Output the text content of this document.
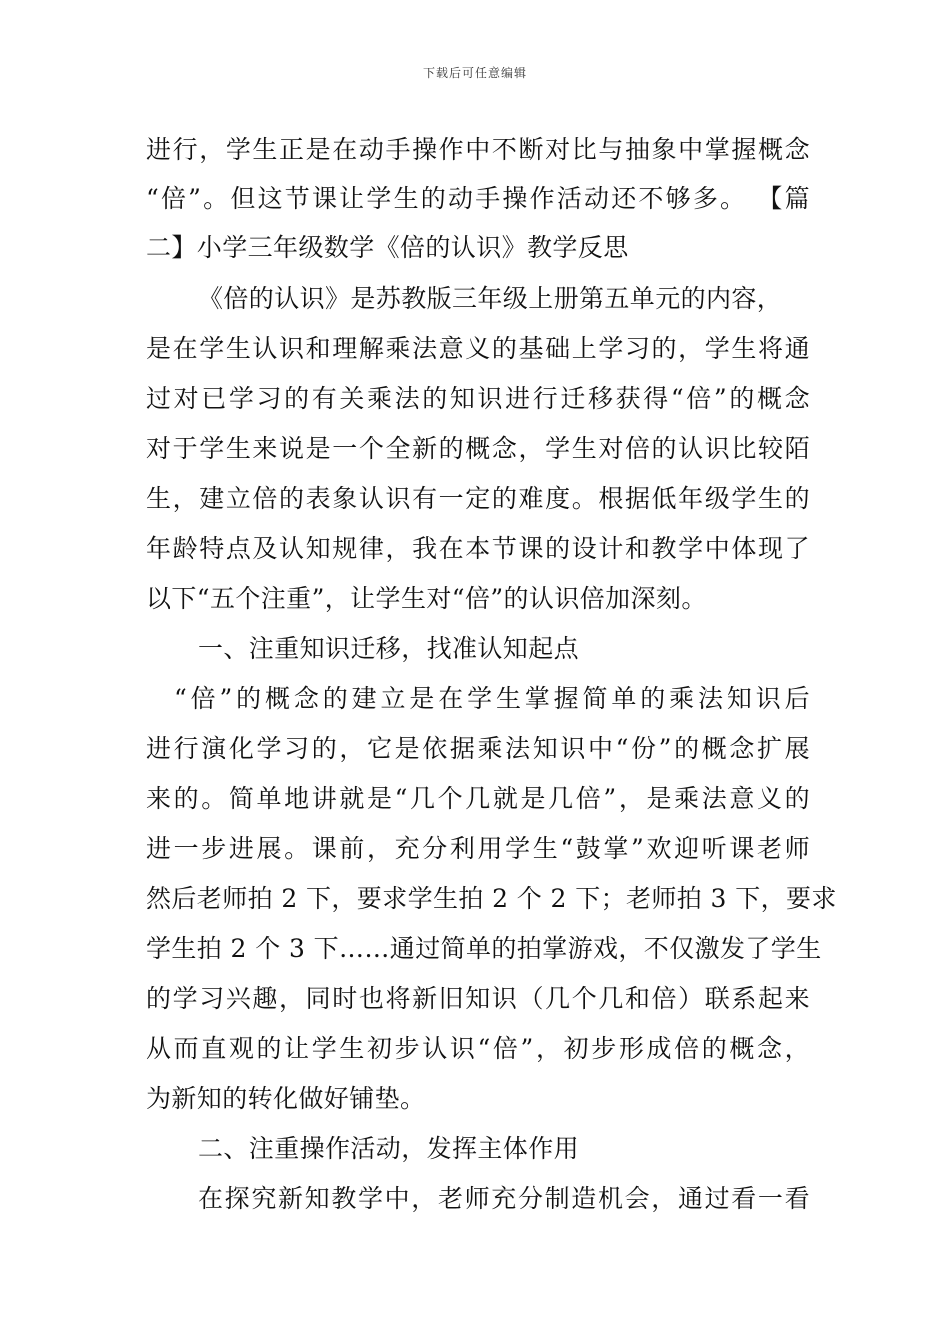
下载后可任意编辑
进行，学生正是在动手操作中不断对比与抽象中掌握概念
“倍”。但这节课让学生的动手操作活动还不够多。 【篇
二】小学三年级数学《倍的认识》教学反思
《倍的认识》是苏教版三年级上册第五单元的内容，
是在学生认识和理解乘法意义的基础上学习的，学生将通
过对已学习的有关乘法的知识进行迁移获得“倍”的概念
对于学生来说是一个全新的概念，学生对倍的认识比较陌
生，建立倍的表象认识有一定的难度。根据低年级学生的
年龄特点及认知规律，我在本节课的设计和教学中体现了
以下“五个注重”，让学生对“倍”的认识倍加深刻。
一、注重知识迁移，找准认知起点
“倍”的概念的建立是在学生掌握简单的乘法知识后
进行演化学习的，它是依据乘法知识中“份”的概念扩展
来的。简单地讲就是“几个几就是几倍”，是乘法意义的
进一步进展。课前，充分利用学生“鼓掌”欢迎听课老师
然后老师拍 2 下，要求学生拍 2 个 2 下；老师拍 3 下，要求
学生拍 2 个 3 下……通过简单的拍掌游戏，不仅激发了学生
的学习兴趣，同时也将新旧知识（几个几和倍）联系起来
从而直观的让学生初步认识“倍”，初步形成倍的概念，
为新知的转化做好铺垫。
二、注重操作活动，发挥主体作用
在探究新知教学中，老师充分制造机会，通过看一看
